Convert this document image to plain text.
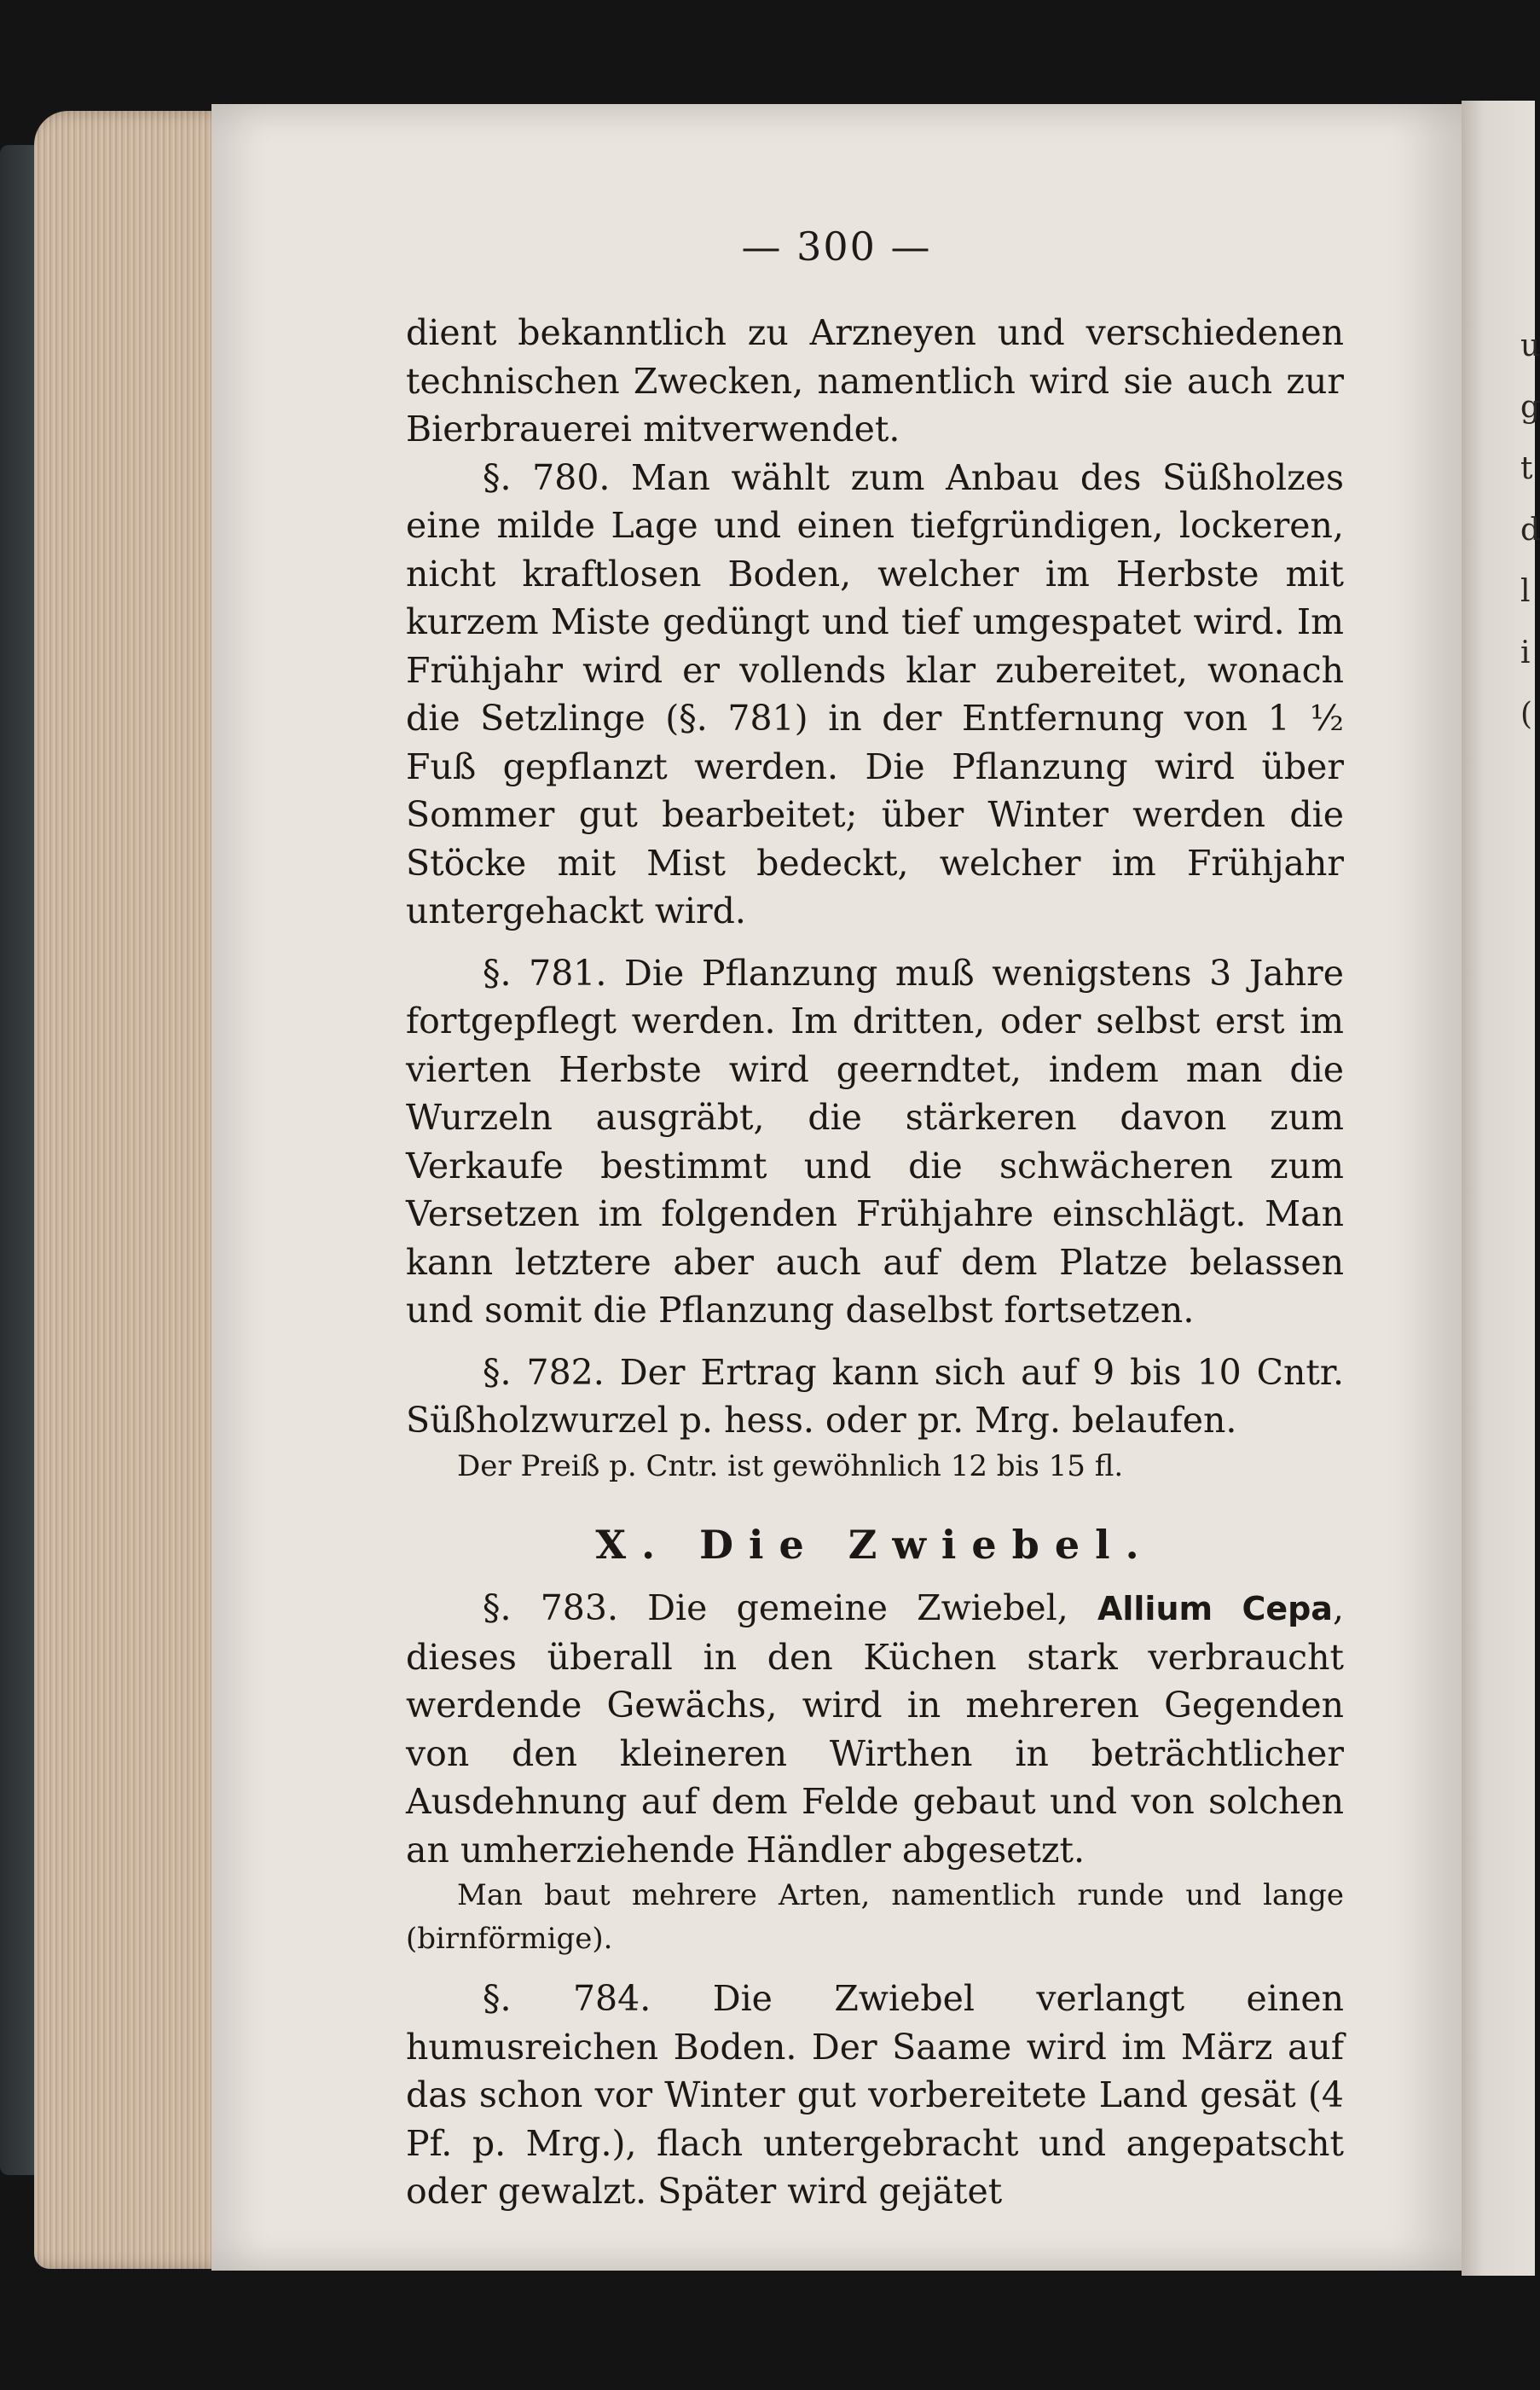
u
g
t
d
l
i
(
— 300 —

dient bekanntlich zu Arzneyen und verschiedenen technischen Zwecken, namentlich wird sie auch zur Bierbrauerei mitverwendet.

§. 780. Man wählt zum Anbau des Süßholzes eine milde Lage und einen tiefgründigen, lockeren, nicht kraftlosen Boden, welcher im Herbste mit kurzem Miste gedüngt und tief umgespatet wird. Im Frühjahr wird er vollends klar zubereitet, wonach die Setzlinge (§. 781) in der Entfernung von 1 ½ Fuß gepflanzt werden. Die Pflanzung wird über Sommer gut bearbeitet; über Winter werden die Stöcke mit Mist bedeckt, welcher im Frühjahr untergehackt wird.

§. 781. Die Pflanzung muß wenigstens 3 Jahre fortgepflegt werden. Im dritten, oder selbst erst im vierten Herbste wird geerndtet, indem man die Wurzeln ausgräbt, die stärkeren davon zum Verkaufe bestimmt und die schwächeren zum Versetzen im folgenden Frühjahre einschlägt. Man kann letztere aber auch auf dem Platze belassen und somit die Pflanzung daselbst fortsetzen.

§. 782. Der Ertrag kann sich auf 9 bis 10 Cntr. Süßholzwurzel p. hess. oder pr. Mrg. belaufen.

Der Preiß p. Cntr. ist gewöhnlich 12 bis 15 fl.

X. Die Zwiebel.

§. 783. Die gemeine Zwiebel, Allium Cepa, dieses überall in den Küchen stark verbraucht werdende Gewächs, wird in mehreren Gegenden von den kleineren Wirthen in beträchtlicher Ausdehnung auf dem Felde gebaut und von solchen an umherziehende Händler abgesetzt.

Man baut mehrere Arten, namentlich runde und lange (birnförmige).

§. 784. Die Zwiebel verlangt einen humusreichen Boden. Der Saame wird im März auf das schon vor Winter gut vorbereitete Land gesät (4 Pf. p. Mrg.), flach untergebracht und angepatscht oder gewalzt. Später wird gejätet
